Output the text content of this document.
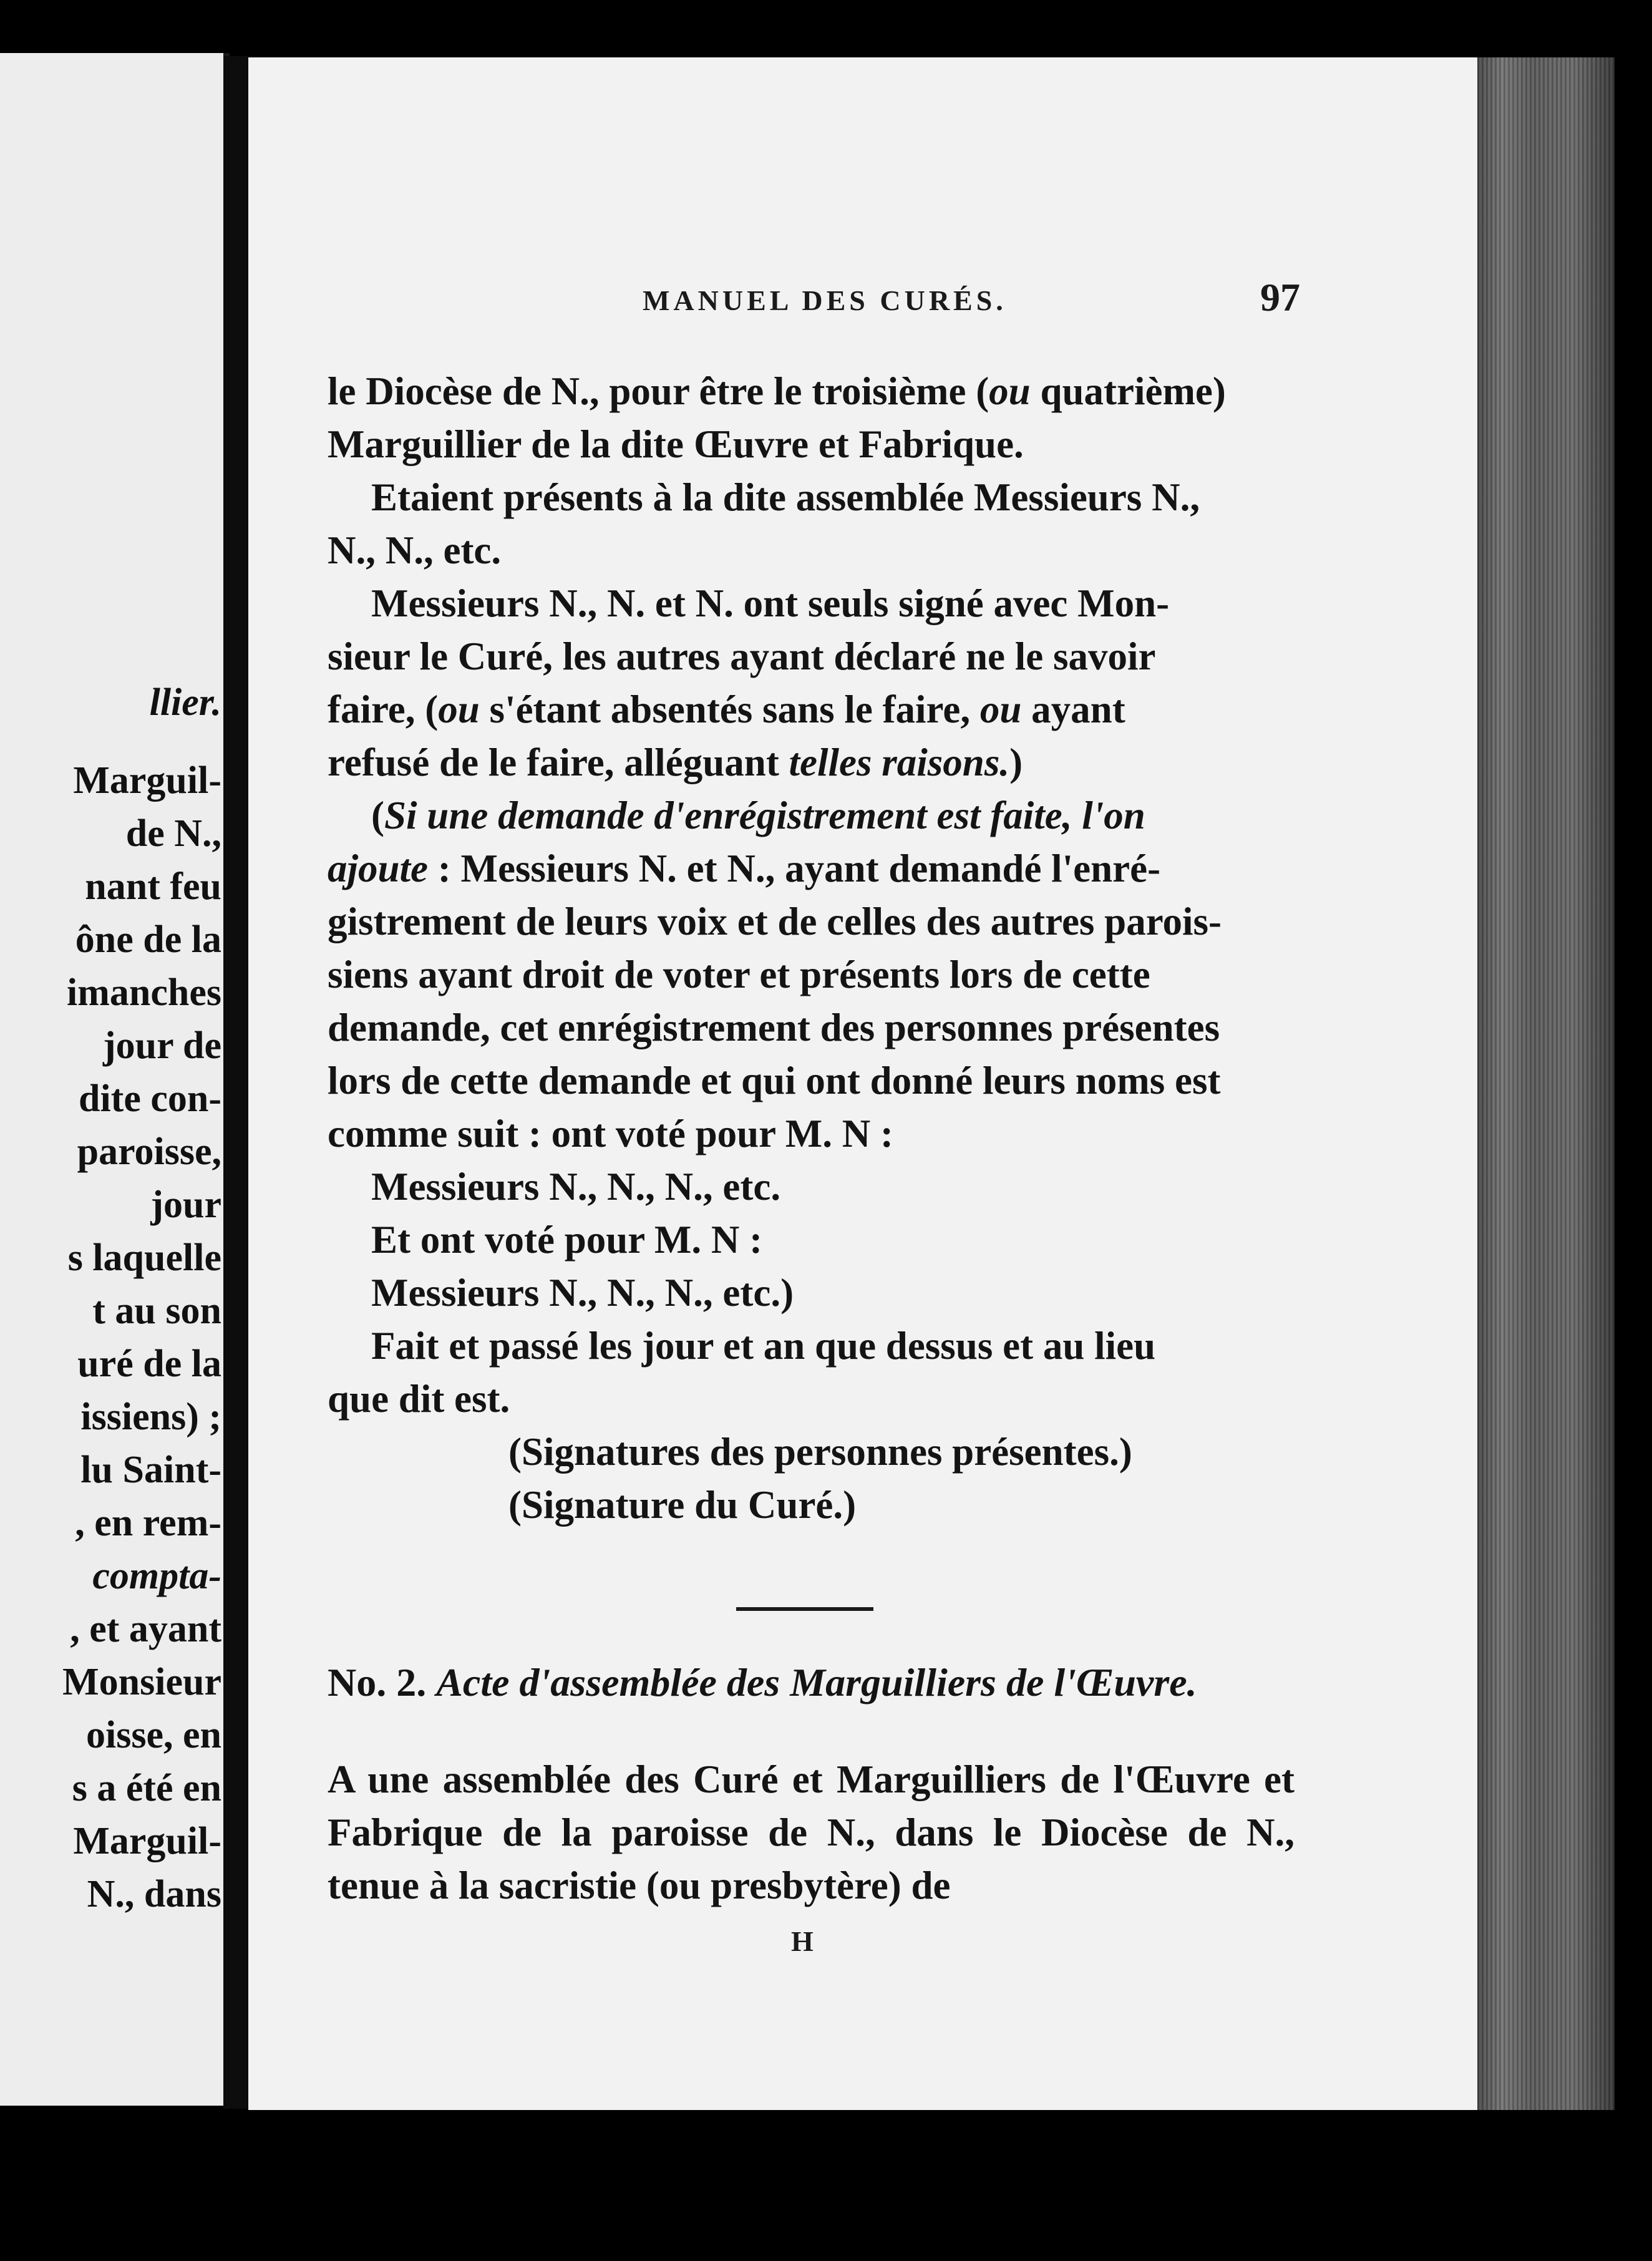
llier.
Marguil-
de N.,
nant feu
ône de la
imanches
jour de
dite con-
paroisse,
jour
s laquelle
t au son
uré de la
issiens) ;
lu Saint-
, en rem-
compta-
, et ayant
Monsieur
oisse, en
s a été en
Marguil-
N., dans
MANUEL DES CURÉS.	97
le Diocèse de N., pour être le troisième (ou quatrième)
Marguillier de la dite Œuvre et Fabrique.
Etaient présents à la dite assemblée Messieurs N.,
N., N., etc.
Messieurs N., N. et N. ont seuls signé avec Mon-
sieur le Curé, les autres ayant déclaré ne le savoir
faire, (ou s'étant absentés sans le faire, ou ayant
refusé de le faire, alléguant telles raisons.)
(Si une demande d'enrégistrement est faite, l'on
ajoute : Messieurs N. et N., ayant demandé l'enré-
gistrement de leurs voix et de celles des autres parois-
siens ayant droit de voter et présents lors de cette
demande, cet enrégistrement des personnes présentes
lors de cette demande et qui ont donné leurs noms est
comme suit : ont voté pour M. N :
Messieurs N., N., N., etc.
Et ont voté pour M. N :
Messieurs N., N., N., etc.)
Fait et passé les jour et an que dessus et au lieu
que dit est.
(Signatures des personnes présentes.)
(Signature du Curé.)
No. 2. Acte d'assemblée des Marguilliers de l'Œuvre.
A une assemblée des Curé et Marguilliers de l'Œuvre et Fabrique de la paroisse de N., dans le Diocèse de N., tenue à la sacristie (ou presbytère) de
H
